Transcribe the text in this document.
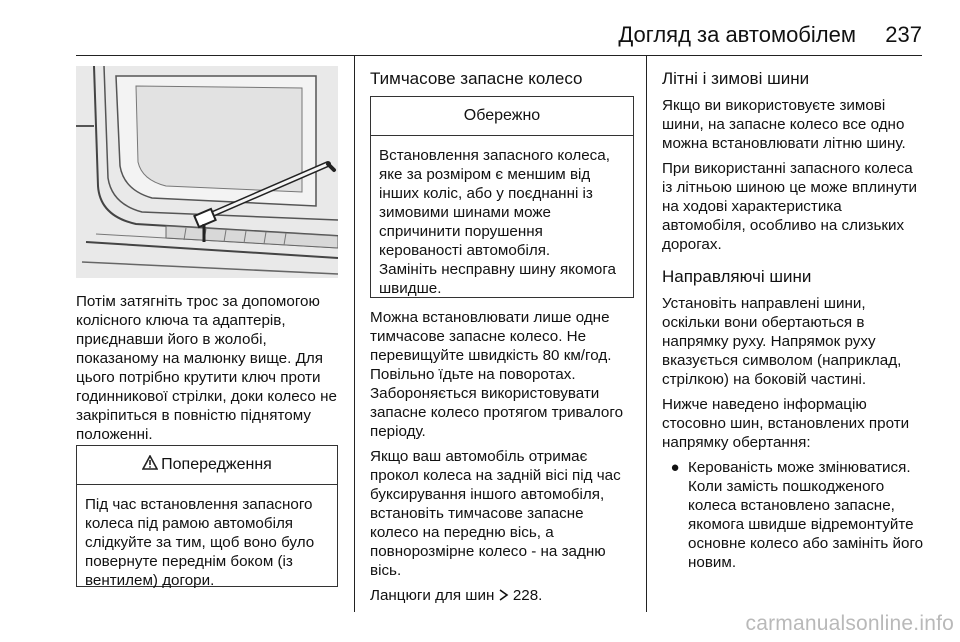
Догляд за автомобілем 237

Потім затягніть трос за допомогою колісного ключа та адаптерів, приєднавши його в жолобі, показаному на малюнку вище. Для цього потрібно крутити ключ проти годинникової стрілки, доки колесо не закріпиться в повністю піднятому положенні.

Попередження

Під час встановлення запасного колеса під рамою автомобіля слідкуйте за тим, щоб воно було повернуте переднім боком (із вентилем) догори.

Тимчасове запасне колесо
Обережно

Встановлення запасного колеса, яке за розміром є меншим від інших коліс, або у поєднанні із зимовими шинами може спричинити порушення керованості автомобіля.

Замініть несправну шину якомога швидше.

Можна встановлювати лише одне тимчасове запасне колесо. Не перевищуйте швидкість 80 км/год. Повільно їдьте на поворотах. Забороняється використовувати запасне колесо протягом тривалого періоду.

Якщо ваш автомобіль отримає прокол колеса на задній вісі під час буксирування іншого автомобіля, встановіть тимчасове запасне колесо на передню вісь, а повнорозмірне колесо - на задню вісь.

Ланцюги для шин 228.

Літні і зимові шини

Якщо ви використовуєте зимові шини, на запасне колесо все одно можна встановлювати літню шину.

При використанні запасного колеса із літньою шиною це може вплинути на ходові характеристика автомобіля, особливо на слизьких дорогах.

Направляючі шини

Установіть направлені шини, оскільки вони обертаються в напрямку руху. Напрямок руху вказується символом (наприклад, стрілкою) на боковій частині.

Нижче наведено інформацію стосовно шин, встановлених проти напрямку обертання:

● Керованість може змінюватися. Коли замість пошкодженого колеса встановлено запасне, якомога швидше відремонтуйте основне колесо або замініть його новим.

carmanualsonline.info
